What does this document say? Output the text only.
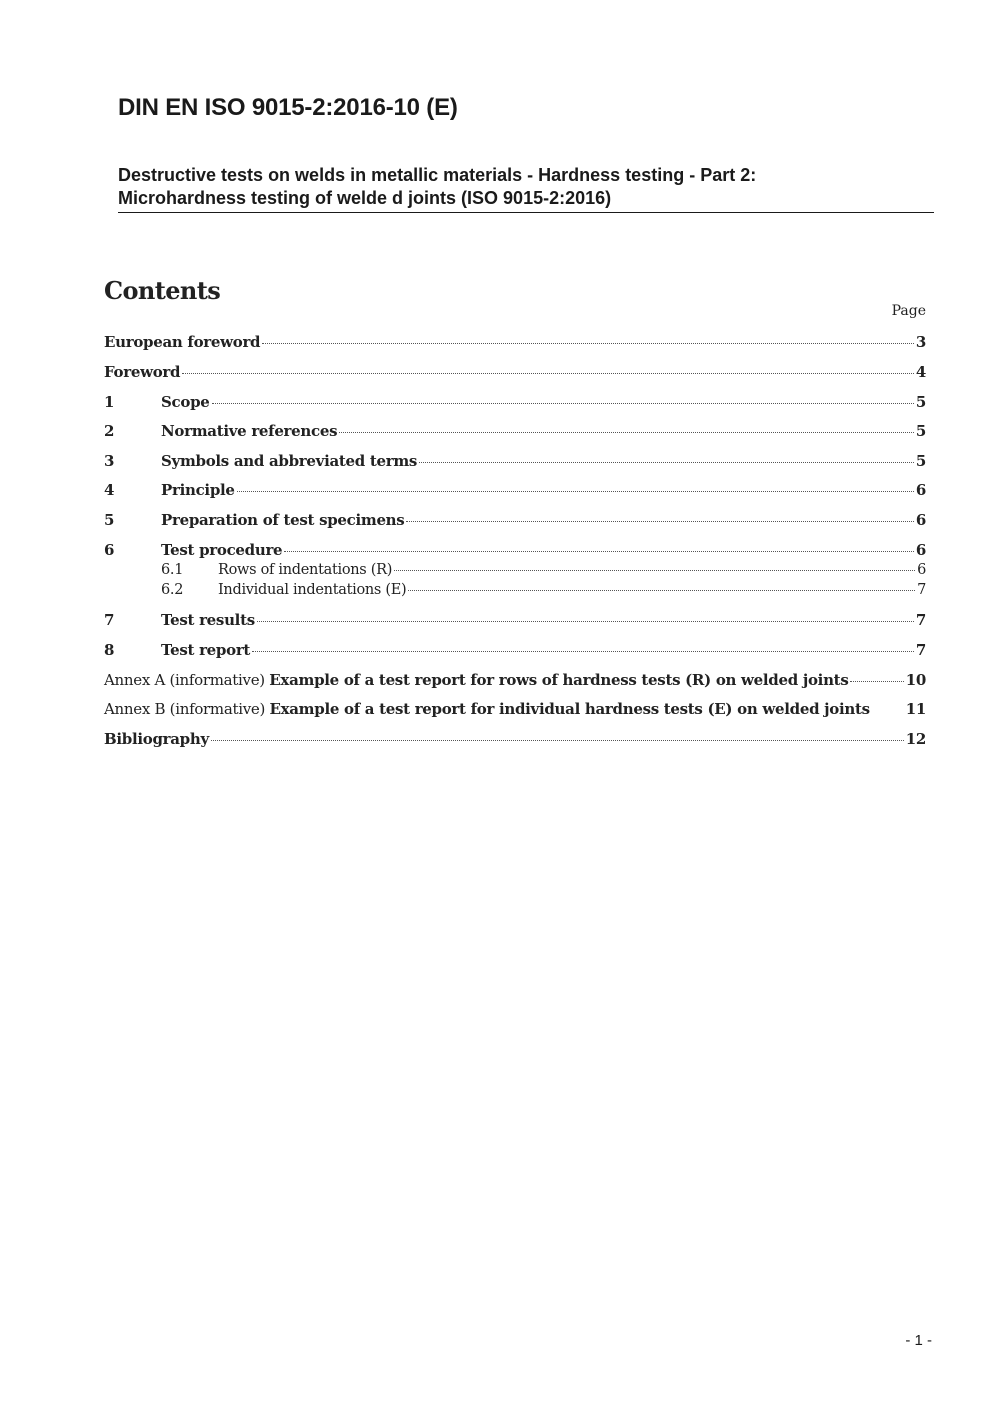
DIN EN ISO 9015-2:2016-10 (E)
Destructive tests on welds in metallic materials - Hardness testing - Part 2:
Microhardness testing of welde d joints (ISO 9015-2:2016)
Contents
Page
European foreword	3
Foreword	4
1	Scope	5
2	Normative references	5
3	Symbols and abbreviated terms	5
4	Principle	6
5	Preparation of test specimens	6
6	Test procedure	6
6.1	Rows of indentations (R)	6
6.2	Individual indentations (E)	7
7	Test results	7
8	Test report	7
Annex A (informative) Example of a test report for rows of hardness tests (R) on welded joints	10
Annex B (informative) Example of a test report for individual hardness tests (E) on welded joints 11
Bibliography	12
- 1 -
